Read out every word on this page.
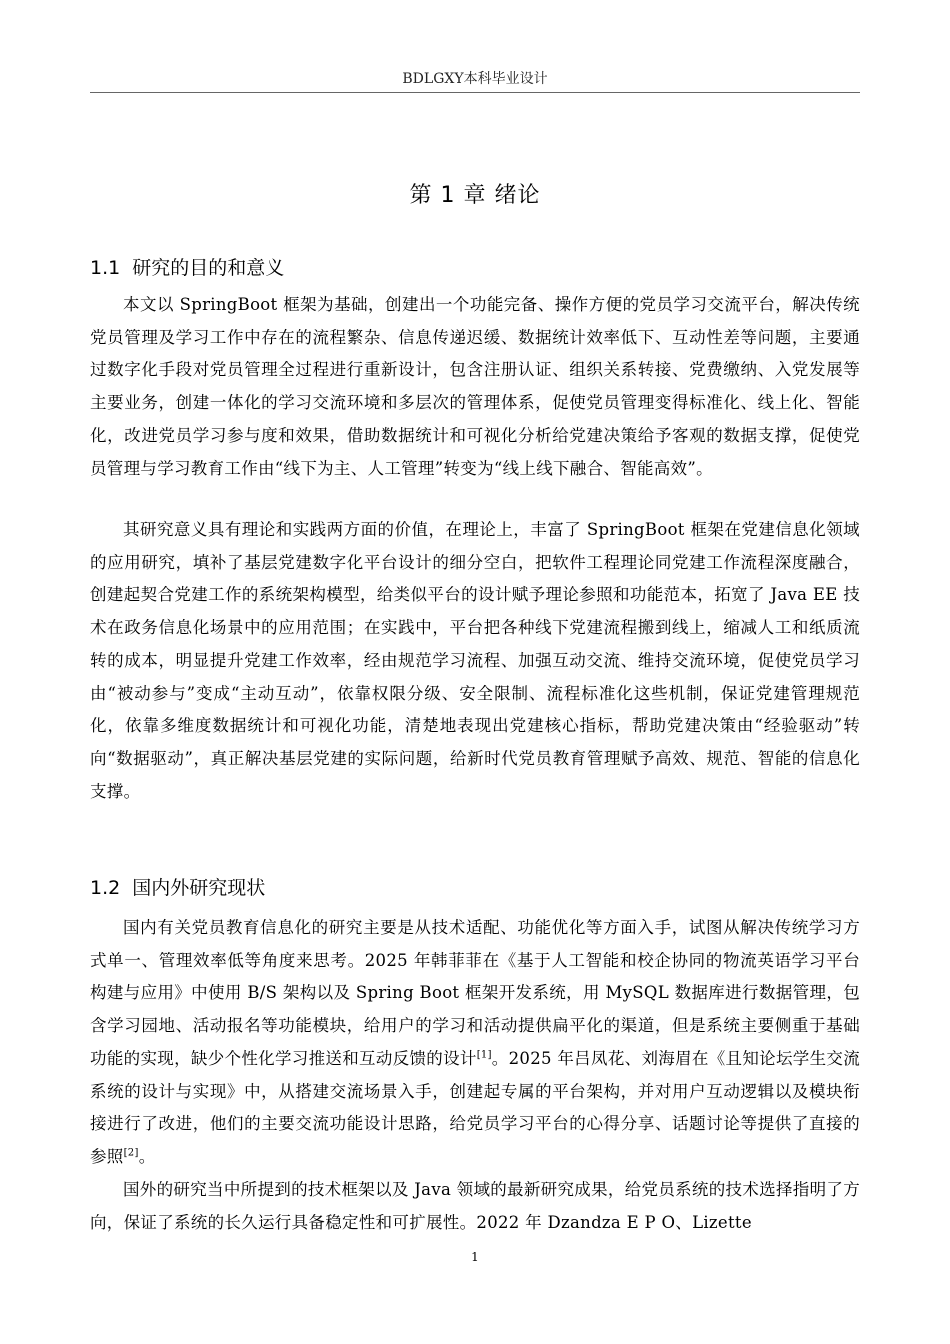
BDLGXY本科毕业设计
第 1 章 绪论
1.1 研究的目的和意义

本文以 SpringBoot 框架为基础，创建出一个功能完备、操作方便的党员学习交流平台，解决传统党员管理及学习工作中存在的流程繁杂、信息传递迟缓、数据统计效率低下、互动性差等问题，主要通过数字化手段对党员管理全过程进行重新设计，包含注册认证、组织关系转接、党费缴纳、入党发展等主要业务，创建一体化的学习交流环境和多层次的管理体系，促使党员管理变得标准化、线上化、智能化，改进党员学习参与度和效果，借助数据统计和可视化分析给党建决策给予客观的数据支撑，促使党员管理与学习教育工作由“线下为主、人工管理”转变为“线上线下融合、智能高效”。

其研究意义具有理论和实践两方面的价值，在理论上，丰富了 SpringBoot 框架在党建信息化领域的应用研究，填补了基层党建数字化平台设计的细分空白，把软件工程理论同党建工作流程深度融合，创建起契合党建工作的系统架构模型，给类似平台的设计赋予理论参照和功能范本，拓宽了 Java EE 技术在政务信息化场景中的应用范围；在实践中，平台把各种线下党建流程搬到线上，缩减人工和纸质流转的成本，明显提升党建工作效率，经由规范学习流程、加强互动交流、维持交流环境，促使党员学习由“被动参与”变成“主动互动”，依靠权限分级、安全限制、流程标准化这些机制，保证党建管理规范化，依靠多维度数据统计和可视化功能，清楚地表现出党建核心指标，帮助党建决策由“经验驱动”转向“数据驱动”，真正解决基层党建的实际问题，给新时代党员教育管理赋予高效、规范、智能的信息化支撑。

1.2 国内外研究现状

国内有关党员教育信息化的研究主要是从技术适配、功能优化等方面入手，试图从解决传统学习方式单一、管理效率低等角度来思考。2025 年韩菲菲在《基于人工智能和校企协同的物流英语学习平台构建与应用》中使用 B/S 架构以及 Spring Boot 框架开发系统，用 MySQL 数据库进行数据管理，包含学习园地、活动报名等功能模块，给用户的学习和活动提供扁平化的渠道，但是系统主要侧重于基础功能的实现，缺少个性化学习推送和互动反馈的设计[1]。2025 年吕凤花、刘海眉在《且知论坛学生交流系统的设计与实现》中，从搭建交流场景入手，创建起专属的平台架构，并对用户互动逻辑以及模块衔接进行了改进，他们的主要交流功能设计思路，给党员学习平台的心得分享、话题讨论等提供了直接的参照[2]。

国外的研究当中所提到的技术框架以及 Java 领域的最新研究成果，给党员系统的技术选择指明了方向，保证了系统的长久运行具备稳定性和可扩展性。2022 年 Dzandza E P O、Lizette

1
